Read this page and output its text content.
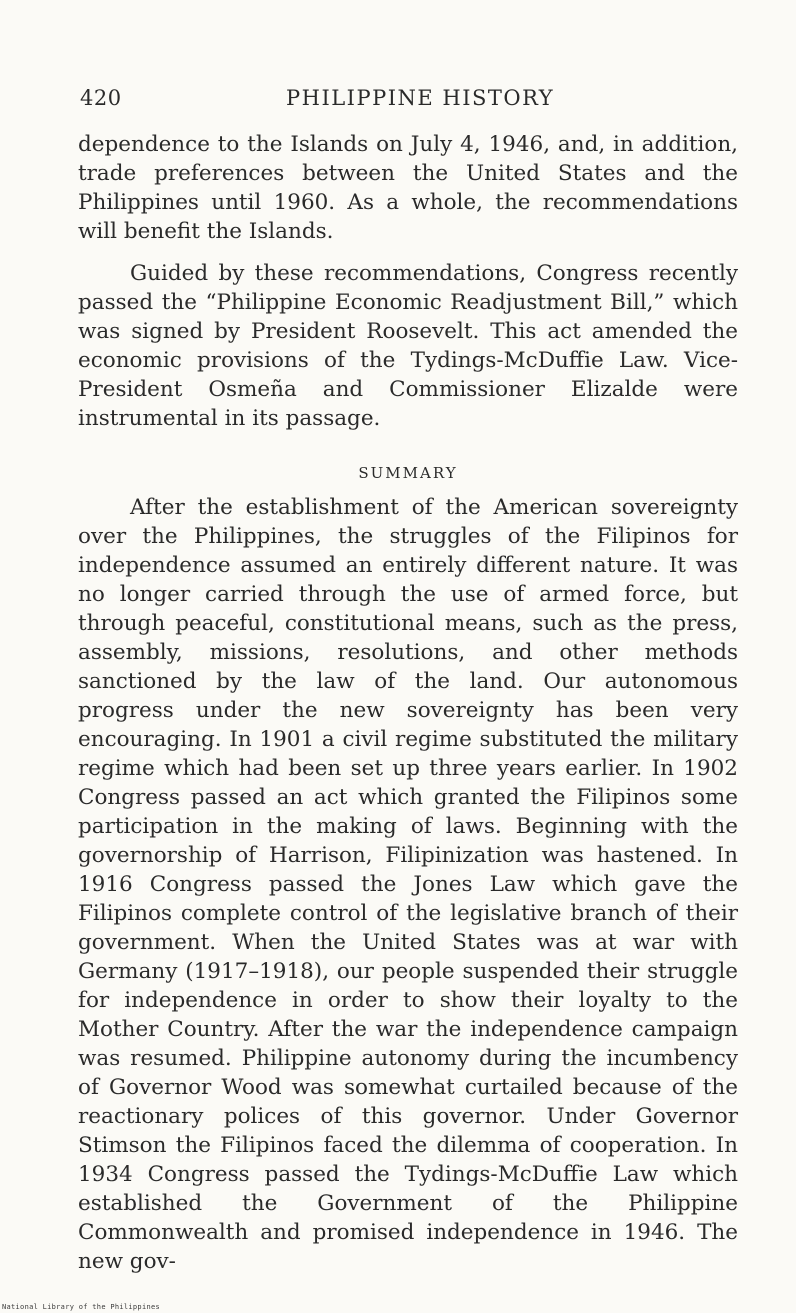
420	PHILIPPINE HISTORY

dependence to the Islands on July 4, 1946, and, in addition, trade preferences between the United States and the Philippines until 1960. As a whole, the recommendations will benefit the Islands.

Guided by these recommendations, Congress recently passed the “Philippine Economic Readjustment Bill,” which was signed by President Roosevelt. This act amended the economic provisions of the Tydings-McDuffie Law. Vice-President Osmeña and Commissioner Elizalde were instrumental in its passage.

SUMMARY

After the establishment of the American sovereignty over the Philippines, the struggles of the Filipinos for independence assumed an entirely different nature. It was no longer carried through the use of armed force, but through peaceful, constitutional means, such as the press, assembly, missions, resolutions, and other methods sanctioned by the law of the land. Our autonomous progress under the new sovereignty has been very encouraging. In 1901 a civil regime substituted the military regime which had been set up three years earlier. In 1902 Congress passed an act which granted the Filipinos some participation in the making of laws. Beginning with the governorship of Harrison, Filipinization was hastened. In 1916 Congress passed the Jones Law which gave the Filipinos complete control of the legislative branch of their government. When the United States was at war with Germany (1917–1918), our people suspended their struggle for independence in order to show their loyalty to the Mother Country. After the war the independence campaign was resumed. Philippine autonomy during the incumbency of Governor Wood was somewhat curtailed because of the reactionary polices of this governor. Under Governor Stimson the Filipinos faced the dilemma of cooperation. In 1934 Congress passed the Tydings-McDuffie Law which established the Government of the Philippine Commonwealth and promised independence in 1946. The new gov-

National Library of the Philippines
